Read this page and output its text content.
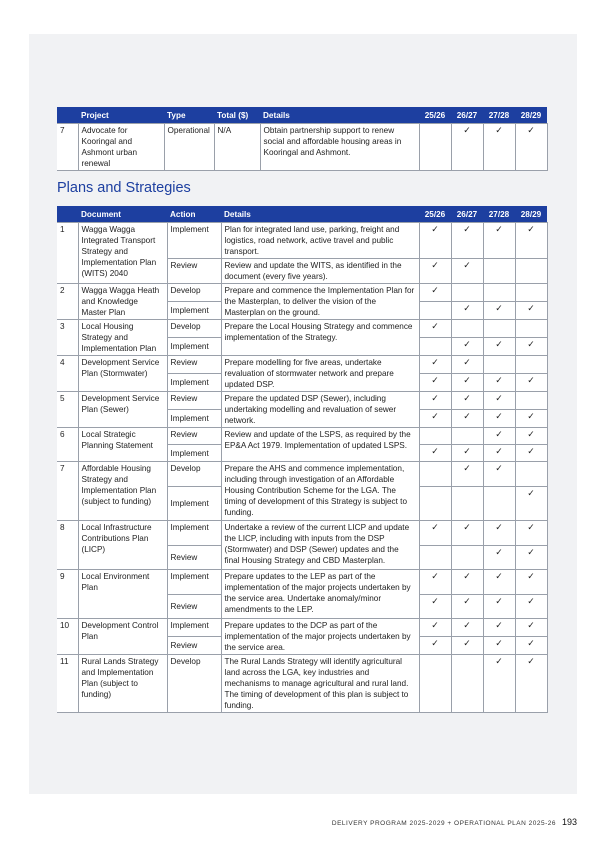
	Project	Type	Total ($)	Details	25/26	26/27	27/28	28/29
7	Advocate for Kooringal and Ashmont urban renewal	Operational	N/A	Obtain partnership support to renew social and affordable housing areas in Kooringal and Ashmont.		✓	✓	✓
Plans and Strategies
	Document	Action	Details	25/26	26/27	27/28	28/29
1	Wagga Wagga Integrated Transport Strategy and Implementation Plan (WITS) 2040	Implement	Plan for integrated land use, parking, freight and logistics, road network, active travel and public transport.	✓	✓	✓	✓
		Review	Review and update the WITS, as identified in the document (every five years).	✓	✓		
2	Wagga Wagga Heath and Knowledge Master Plan	Develop	Prepare and commence the Implementation Plan for the Masterplan, to deliver the vision of the Masterplan on the ground.	✓			
		Implement			✓	✓	✓
3	Local Housing Strategy and Implementation Plan	Develop	Prepare the Local Housing Strategy and commence implementation of the Strategy.	✓			
		Implement			✓	✓	✓
4	Development Service Plan (Stormwater)	Review	Prepare modelling for five areas, undertake revaluation of stormwater network and prepare updated DSP.	✓	✓		
		Implement		✓	✓	✓	✓
5	Development Service Plan (Sewer)	Review	Prepare the updated DSP (Sewer), including undertaking modelling and revaluation of sewer network.	✓	✓	✓	
		Implement		✓	✓	✓	✓
6	Local Strategic Planning Statement	Review	Review and update of the LSPS, as required by the EP&A Act 1979. Implementation of updated LSPS.			✓	✓
		Implement		✓	✓	✓	✓
7	Affordable Housing Strategy and Implementation Plan (subject to funding)	Develop	Prepare the AHS and commence implementation, including through investigation of an Affordable Housing Contribution Scheme for the LGA. The timing of development of this Strategy is subject to funding.		✓	✓	
		Implement					✓
8	Local Infrastructure Contributions Plan (LICP)	Implement	Undertake a review of the current LICP and update the LICP, including with inputs from the DSP (Stormwater) and DSP (Sewer) updates and the final Housing Strategy and CBD Masterplan.	✓	✓	✓	✓
		Review				✓	✓
9	Local Environment Plan	Implement	Prepare updates to the LEP as part of the implementation of the major projects undertaken by the service area. Undertake anomaly/minor amendments to the LEP.	✓	✓	✓	✓
		Review		✓	✓	✓	✓
10	Development Control Plan	Implement	Prepare updates to the DCP as part of the implementation of the major projects undertaken by the service area.	✓	✓	✓	✓
		Review		✓	✓	✓	✓
11	Rural Lands Strategy and Implementation Plan (subject to funding)	Develop	The Rural Lands Strategy will identify agricultural land across the LGA, key industries and mechanisms to manage agricultural and rural land. The timing of development of this plan is subject to funding.			✓	✓
DELIVERY PROGRAM 2025-2029 + OPERATIONAL PLAN 2025-26 193
